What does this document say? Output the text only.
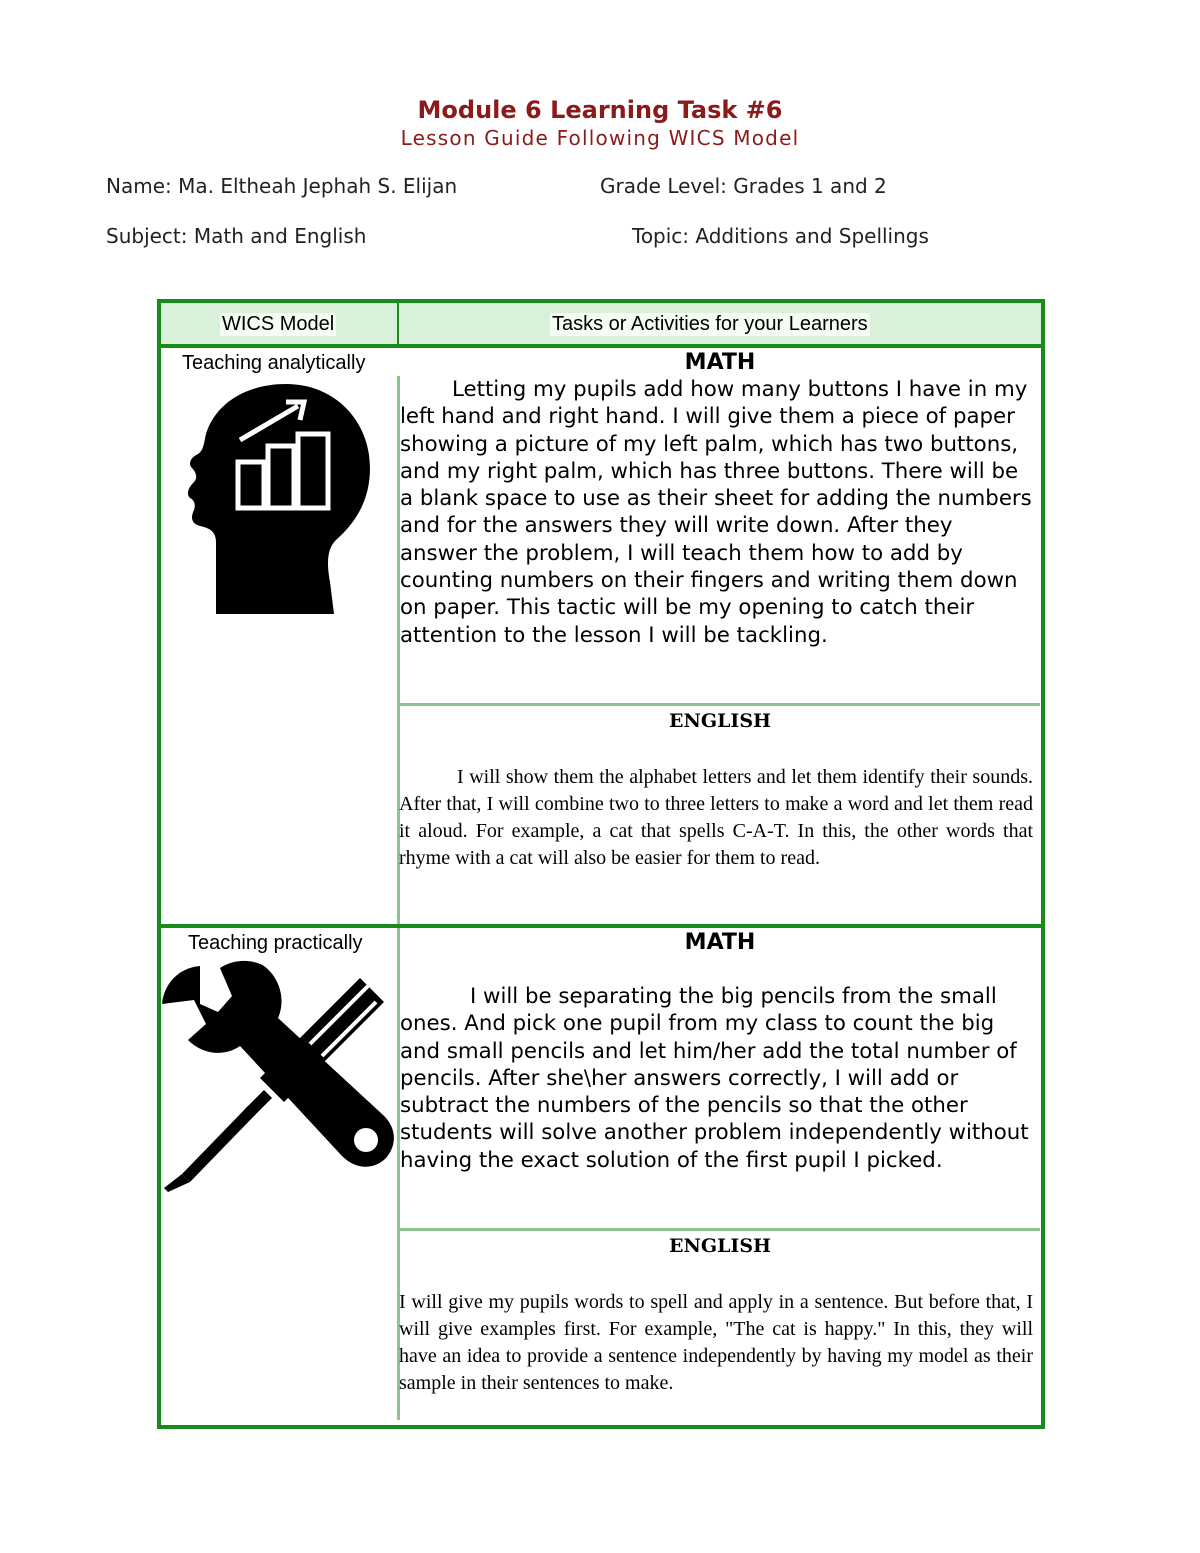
Module 6 Learning Task #6
Lesson Guide Following WICS Model
Name: Ma. Eltheah Jephah S. Elijan	Grade Level: Grades 1 and 2
Subject: Math and English	Topic: Additions and Spellings
WICS Model	Tasks or Activities for your Learners
Teaching analytically	MATH

Letting my pupils add how many buttons I have in my left hand and right hand. I will give them a piece of paper showing a picture of my left palm, which has two buttons, and my right palm, which has three buttons. There will be a blank space to use as their sheet for adding the numbers and for the answers they will write down. After they answer the problem, I will teach them how to add by counting numbers on their fingers and writing them down on paper. This tactic will be my opening to catch their attention to the lesson I will be tackling.

ENGLISH

I will show them the alphabet letters and let them identify their sounds. After that, I will combine two to three letters to make a word and let them read it aloud. For example, a cat that spells C-A-T. In this, the other words that rhyme with a cat will also be easier for them to read.

Teaching practically	MATH

I will be separating the big pencils from the small ones. And pick one pupil from my class to count the big and small pencils and let him/her add the total number of pencils. After she\her answers correctly, I will add or subtract the numbers of the pencils so that the other students will solve another problem independently without having the exact solution of the first pupil I picked.

ENGLISH

I will give my pupils words to spell and apply in a sentence. But before that, I will give examples first. For example, "The cat is happy." In this, they will have an idea to provide a sentence independently by having my model as their sample in their sentences to make.
